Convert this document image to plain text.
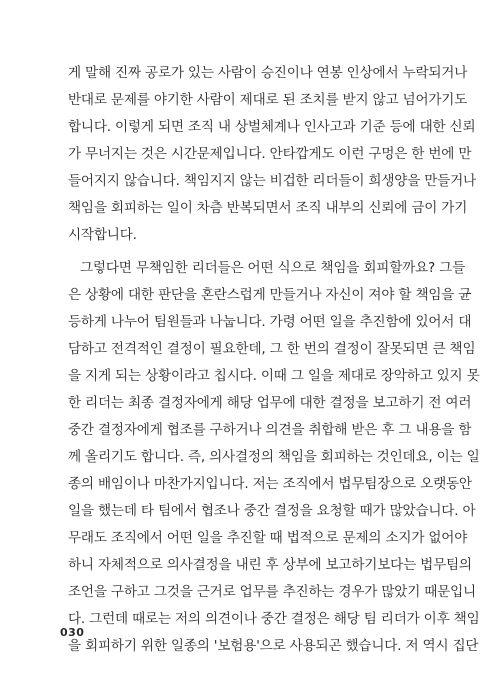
게 말해 진짜 공로가 있는 사람이 승진이나 연봉 인상에서 누락되거나
반대로 문제를 야기한 사람이 제대로 된 조치를 받지 않고 넘어가기도
합니다. 이렇게 되면 조직 내 상벌체계나 인사고과 기준 등에 대한 신뢰
가 무너지는 것은 시간문제입니다. 안타깝게도 이런 구멍은 한 번에 만
들어지지 않습니다. 책임지지 않는 비겁한 리더들이 희생양을 만들거나
책임을 회피하는 일이 차츰 반복되면서 조직 내부의 신뢰에 금이 가기
시작합니다.
그렇다면 무책임한 리더들은 어떤 식으로 책임을 회피할까요? 그들
은 상황에 대한 판단을 혼란스럽게 만들거나 자신이 져야 할 책임을 균
등하게 나누어 팀원들과 나눕니다. 가령 어떤 일을 추진함에 있어서 대
담하고 전격적인 결정이 필요한데, 그 한 번의 결정이 잘못되면 큰 책임
을 지게 되는 상황이라고 칩시다. 이때 그 일을 제대로 장악하고 있지 못
한 리더는 최종 결정자에게 해당 업무에 대한 결정을 보고하기 전 여러
중간 결정자에게 협조를 구하거나 의견을 취합해 받은 후 그 내용을 함
께 올리기도 합니다. 즉, 의사결정의 책임을 회피하는 것인데요, 이는 일
종의 배임이나 마찬가지입니다. 저는 조직에서 법무팀장으로 오랫동안
일을 했는데 타 팀에서 협조나 중간 결정을 요청할 때가 많았습니다. 아
무래도 조직에서 어떤 일을 추진할 때 법적으로 문제의 소지가 없어야
하니 자체적으로 의사결정을 내린 후 상부에 보고하기보다는 법무팀의
조언을 구하고 그것을 근거로 업무를 추진하는 경우가 많았기 때문입니
다. 그런데 때로는 저의 의견이나 중간 결정은 해당 팀 리더가 이후 책임
을 회피하기 위한 일종의 '보험용'으로 사용되곤 했습니다. 저 역시 집단
030
